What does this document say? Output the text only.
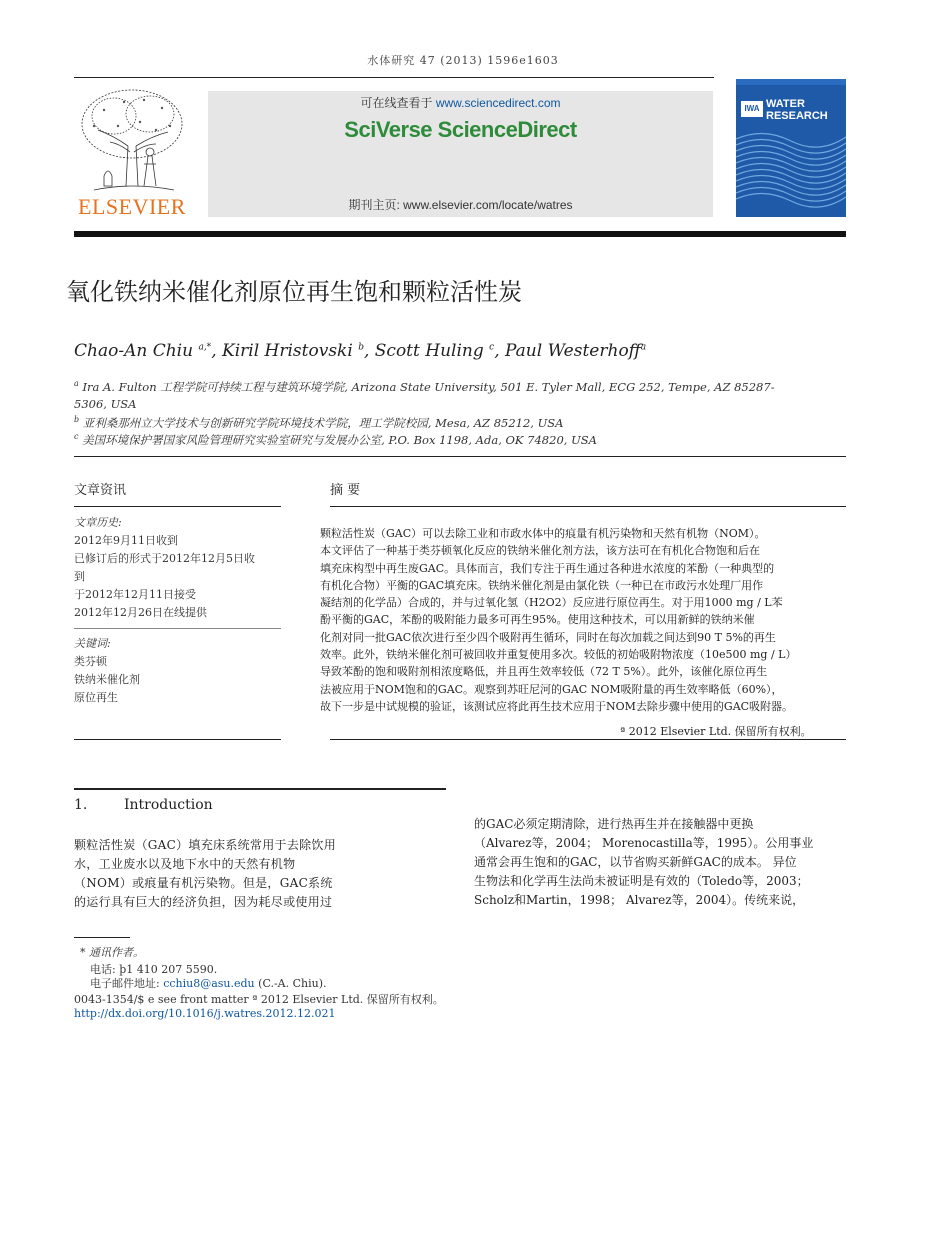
水体研究 47 (2013) 1596e1603
ELSEVIER
可在线查看于 www.sciencedirect.com
SciVerse ScienceDirect
期刊主页: www.elsevier.com/locate/watres
IWA WATER
RESEARCH
氧化铁纳米催化剂原位再生饱和颗粒活性炭
Chao-An Chiu $^{a,*}$, Kiril Hristovski $^b$, Scott Huling $^c$, Paul Westerhoff$^a$
$^a$ Ira A. Fulton 工程学院可持续工程与建筑环境学院, Arizona State University, 501 E. Tyler Mall, ECG 252, Tempe, AZ 85287-
5306, USA
$^b$ 亚利桑那州立大学技术与创新研究学院环境技术学院，理工学院校园, Mesa, AZ 85212, USA
$^c$ 美国环境保护署国家风险管理研究实验室研究与发展办公室, P.O. Box 1198, Ada, OK 74820, USA
文章资讯
文章历史:
2012年9月11日收到
已修订后的形式于2012年12月5日收
到
于2012年12月11日接受
2012年12月26日在线提供
关键词:
类芬顿
铁纳米催化剂
原位再生
摘 要

颗粒活性炭（GAC）可以去除工业和市政水体中的痕量有机污染物和天然有机物（NOM）。

本文评估了一种基于类芬顿氧化反应的铁纳米催化剂方法，该方法可在有机化合物饱和后在

填充床构型中再生废GAC。具体而言，我们专注于再生通过各种进水浓度的苯酚（一种典型的

有机化合物）平衡的GAC填充床。铁纳米催化剂是由氯化铁（一种已在市政污水处理厂用作

凝结剂的化学品）合成的，并与过氧化氢（H2O2）反应进行原位再生。对于用1000 mg / L苯

酚平衡的GAC，苯酚的吸附能力最多可再生95%。使用这种技术，可以用新鲜的铁纳米催

化剂对同一批GAC依次进行至少四个吸附再生循环，同时在每次加载之间达到90 T 5%的再生

效率。此外，铁纳米催化剂可被回收并重复使用多次。较低的初始吸附物浓度（10e500 mg / L）

导致苯酚的饱和吸附剂相浓度略低，并且再生效率较低（72 T 5%）。此外，该催化原位再生

法被应用于NOM饱和的GAC。观察到苏旺尼河的GAC NOM吸附量的再生效率略低（60%），

故下一步是中试规模的验证，该测试应将此再生技术应用于NOM去除步骤中使用的GAC吸附器。

ª 2012 Elsevier Ltd. 保留所有权利。
1.	Introduction
颗粒活性炭（GAC）填充床系统常用于去除饮用
水，工业废水以及地下水中的天然有机物
（NOM）或痕量有机污染物。但是，GAC系统
的运行具有巨大的经济负担，因为耗尽或使用过
的GAC必须定期清除，进行热再生并在接触器中更换
（Alvarez等，2004； Morenocastilla等，1995）。公用事业
通常会再生饱和的GAC，以节省购买新鲜GAC的成本。 异位
生物法和化学再生法尚未被证明是有效的（Toledo等，2003；
Scholz和Martin，1998； Alvarez等，2004）。传统来说，
* 通讯作者。
电话: þ1 410 207 5590.
电子邮件地址: cchiu8@asu.edu (C.-A. Chiu).
0043-1354/$ e see front matter ª 2012 Elsevier Ltd. 保留所有权利。
http://dx.doi.org/10.1016/j.watres.2012.12.021
